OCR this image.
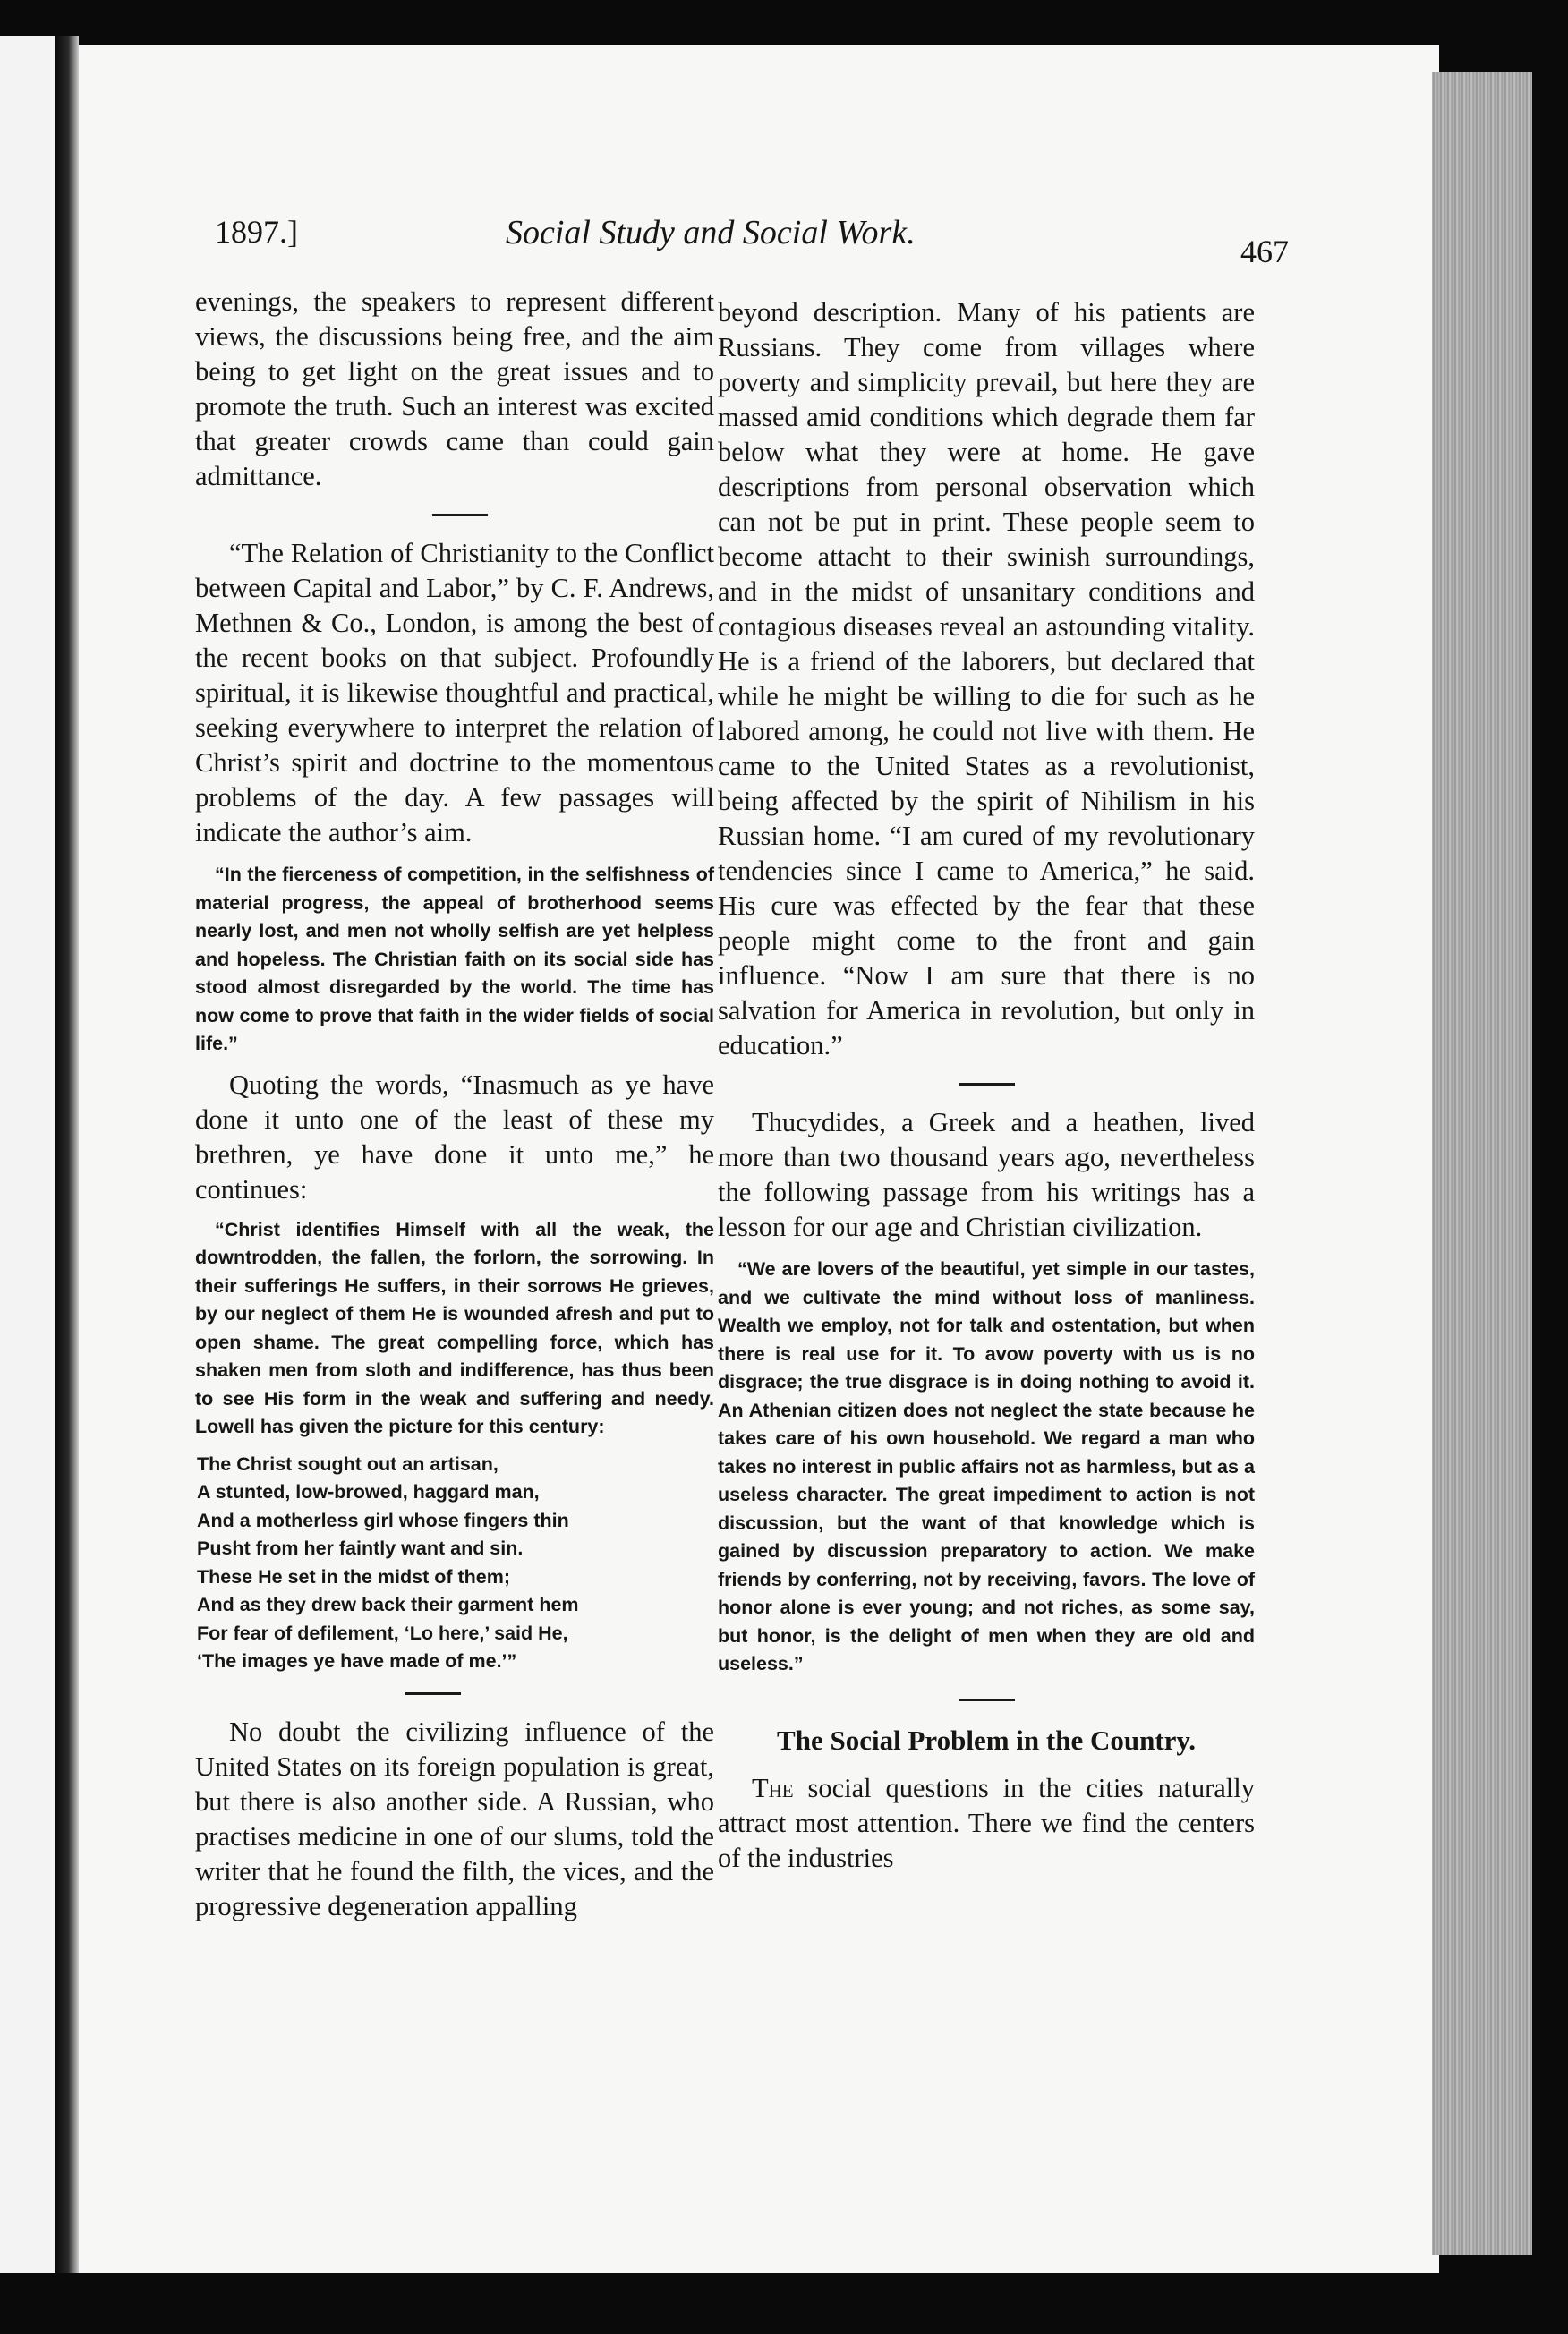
1897.]	Social Study and Social Work.	467

evenings, the speakers to represent different views, the discussions being free, and the aim being to get light on the great issues and to promote the truth. Such an interest was excited that greater crowds came than could gain admittance.

“The Relation of Christianity to the Conflict between Capital and Labor,” by C. F. Andrews, Methnen & Co., London, is among the best of the recent books on that subject. Profoundly spiritual, it is likewise thoughtful and practical, seeking everywhere to interpret the relation of Christ’s spirit and doctrine to the momentous problems of the day. A few passages will indicate the author’s aim.

“In the fierceness of competition, in the selfishness of material progress, the appeal of brotherhood seems nearly lost, and men not wholly selfish are yet helpless and hopeless. The Christian faith on its social side has stood almost disregarded by the world. The time has now come to prove that faith in the wider fields of social life.”

Quoting the words, “Inasmuch as ye have done it unto one of the least of these my brethren, ye have done it unto me,” he continues:

“Christ identifies Himself with all the weak, the downtrodden, the fallen, the forlorn, the sorrowing. In their sufferings He suffers, in their sorrows He grieves, by our neglect of them He is wounded afresh and put to open shame. The great compelling force, which has shaken men from sloth and indifference, has thus been to see His form in the weak and suffering and needy. Lowell has given the picture for this century:

The Christ sought out an artisan,
A stunted, low-browed, haggard man,
And a motherless girl whose fingers thin
Pusht from her faintly want and sin.
These He set in the midst of them;
And as they drew back their garment hem
For fear of defilement, ‘Lo here,’ said He,
‘The images ye have made of me.’”

No doubt the civilizing influence of the United States on its foreign population is great, but there is also another side. A Russian, who practises medicine in one of our slums, told the writer that he found the filth, the vices, and the progressive degeneration appalling

beyond description. Many of his patients are Russians. They come from villages where poverty and simplicity prevail, but here they are massed amid conditions which degrade them far below what they were at home. He gave descriptions from personal observation which can not be put in print. These people seem to become attacht to their swinish surroundings, and in the midst of unsanitary conditions and contagious diseases reveal an astounding vitality. He is a friend of the laborers, but declared that while he might be willing to die for such as he labored among, he could not live with them. He came to the United States as a revolutionist, being affected by the spirit of Nihilism in his Russian home. “I am cured of my revolutionary tendencies since I came to America,” he said. His cure was effected by the fear that these people might come to the front and gain influence. “Now I am sure that there is no salvation for America in revolution, but only in education.”

Thucydides, a Greek and a heathen, lived more than two thousand years ago, nevertheless the following passage from his writings has a lesson for our age and Christian civilization.

“We are lovers of the beautiful, yet simple in our tastes, and we cultivate the mind without loss of manliness. Wealth we employ, not for talk and ostentation, but when there is real use for it. To avow poverty with us is no disgrace; the true disgrace is in doing nothing to avoid it. An Athenian citizen does not neglect the state because he takes care of his own household. We regard a man who takes no interest in public affairs not as harmless, but as a useless character. The great impediment to action is not discussion, but the want of that knowledge which is gained by discussion preparatory to action. We make friends by conferring, not by receiving, favors. The love of honor alone is ever young; and not riches, as some say, but honor, is the delight of men when they are old and useless.”

The Social Problem in the Country.

The social questions in the cities naturally attract most attention. There we find the centers of the industries
